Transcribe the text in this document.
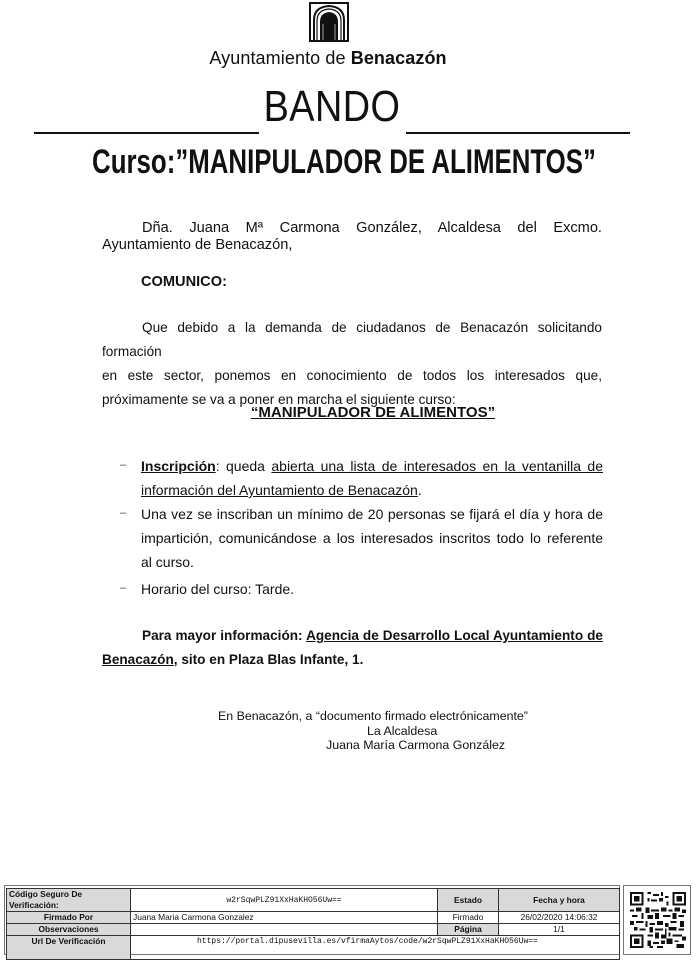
Ayuntamiento de Benacazón
BANDO
Curso:”MANIPULADOR DE ALIMENTOS”
Dña. Juana Mª Carmona González, Alcaldesa del Excmo.
Ayuntamiento de Benacazón,
COMUNICO:
Que debido a la demanda de ciudadanos de Benacazón solicitando formación
en este sector, ponemos en conocimiento de todos los interesados que,
próximamente se va a poner en marcha el siguiente curso:
“MANIPULADOR DE ALIMENTOS”
– Inscripción: queda abierta una lista de interesados en la ventanilla de
información del Ayuntamiento de Benacazón.
– Una vez se inscriban un mínimo de 20 personas se fijará el día y hora de
impartición, comunicándose a los interesados inscritos todo lo referente
al curso.
– Horario del curso: Tarde.
Para mayor información: Agencia de Desarrollo Local Ayuntamiento de
Benacazón, sito en Plaza Blas Infante, 1.
En Benacazón, a “documento firmado electrónicamente”
La Alcaldesa
Juana María Carmona González
Código Seguro De Verificación:	w2rSqwPLZ91XxHaKHO56Uw==	Estado	Fecha y hora
Firmado Por	Juana Maria Carmona Gonzalez	Firmado	26/02/2020 14:06:32
Observaciones		Página	1/1
Url De Verificación	https://portal.dipusevilla.es/vfirmaAytos/code/w2rSqwPLZ91XxHaKHO56Uw==		
